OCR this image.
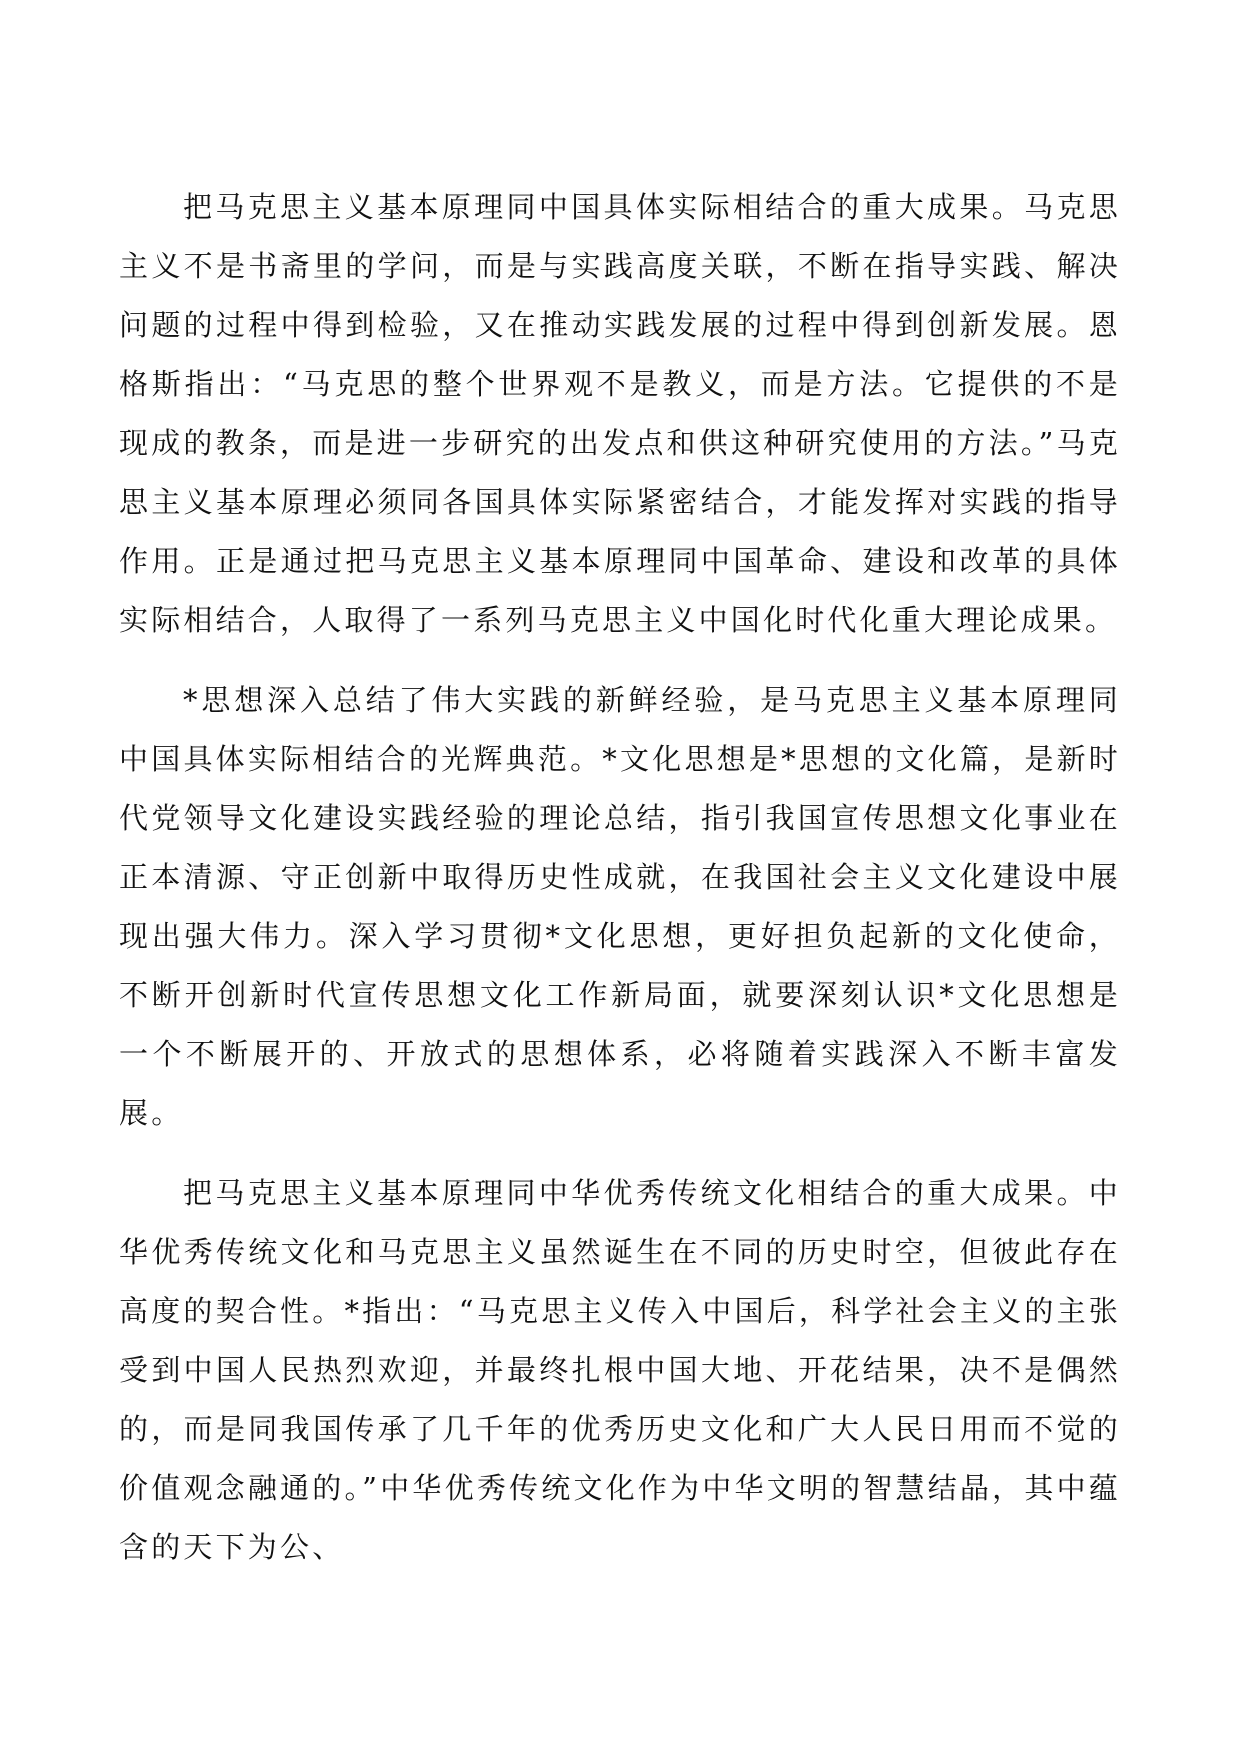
把马克思主义基本原理同中国具体实际相结合的重大成果。马克思主义不是书斋里的学问，而是与实践高度关联，不断在指导实践、解决问题的过程中得到检验，又在推动实践发展的过程中得到创新发展。恩格斯指出：“马克思的整个世界观不是教义，而是方法。它提供的不是现成的教条，而是进一步研究的出发点和供这种研究使用的方法。”马克思主义基本原理必须同各国具体实际紧密结合，才能发挥对实践的指导作用。正是通过把马克思主义基本原理同中国革命、建设和改革的具体实际相结合，人取得了一系列马克思主义中国化时代化重大理论成果。

*思想深入总结了伟大实践的新鲜经验，是马克思主义基本原理同中国具体实际相结合的光辉典范。*文化思想是*思想的文化篇，是新时代党领导文化建设实践经验的理论总结，指引我国宣传思想文化事业在正本清源、守正创新中取得历史性成就，在我国社会主义文化建设中展现出强大伟力。深入学习贯彻*文化思想，更好担负起新的文化使命，不断开创新时代宣传思想文化工作新局面，就要深刻认识*文化思想是一个不断展开的、开放式的思想体系，必将随着实践深入不断丰富发展。

把马克思主义基本原理同中华优秀传统文化相结合的重大成果。中华优秀传统文化和马克思主义虽然诞生在不同的历史时空，但彼此存在高度的契合性。*指出：“马克思主义传入中国后，科学社会主义的主张受到中国人民热烈欢迎，并最终扎根中国大地、开花结果，决不是偶然的，而是同我国传承了几千年的优秀历史文化和广大人民日用而不觉的价值观念融通的。”中华优秀传统文化作为中华文明的智慧结晶，其中蕴含的天下为公、
